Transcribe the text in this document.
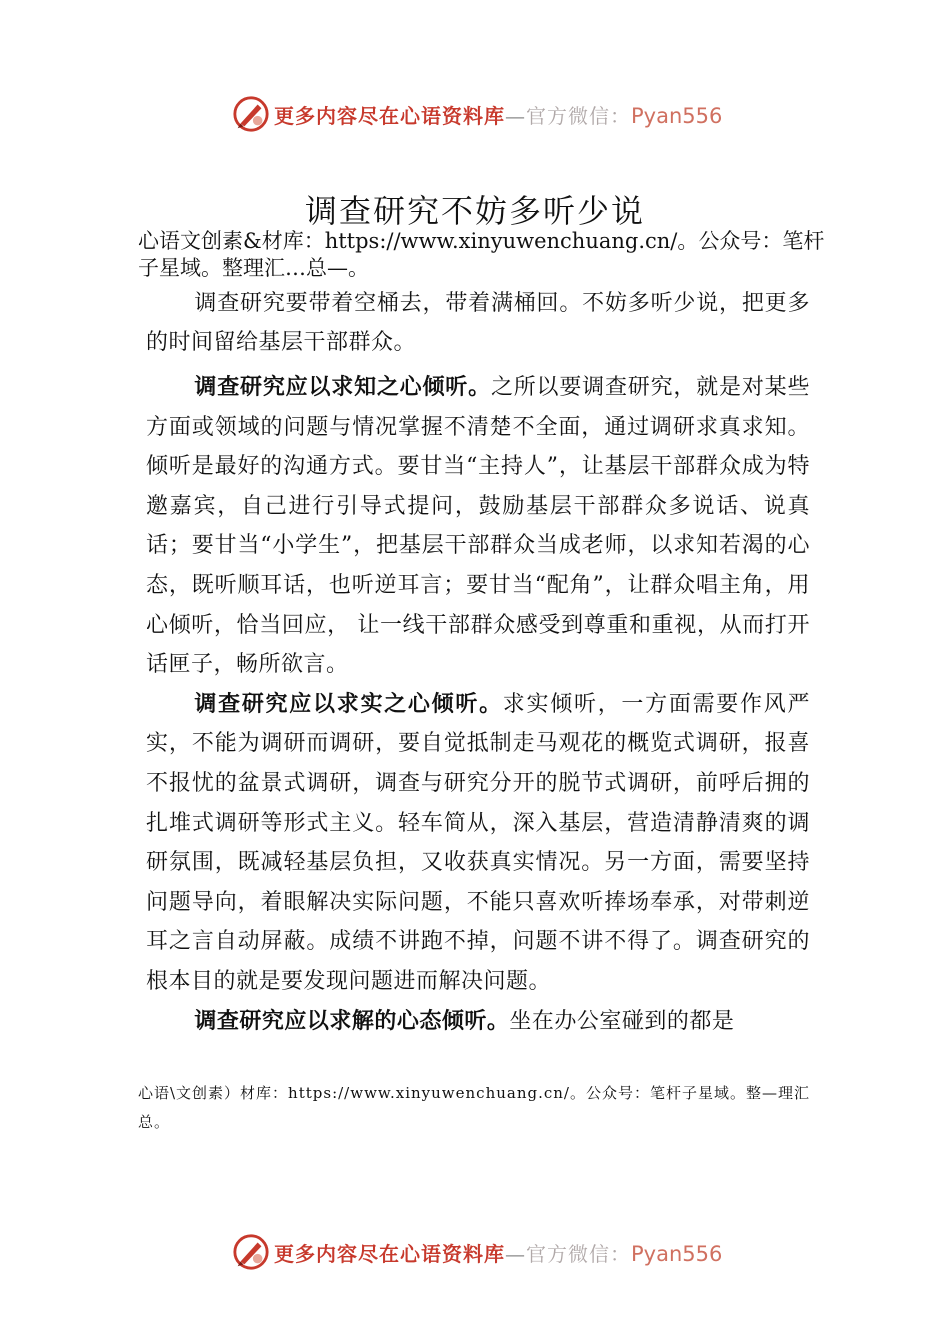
更多内容尽在心语资料库—官方微信：Pyan556
调查研究不妨多听少说

心语文创素&材库：https://www.xinyuwenchuang.cn/。公众号：笔杆子星域。整理汇…总—。

调查研究要带着空桶去，带着满桶回。不妨多听少说，把更多的时间留给基层干部群众。

调查研究应以求知之心倾听。之所以要调查研究，就是对某些方面或领域的问题与情况掌握不清楚不全面，通过调研求真求知。倾听是最好的沟通方式。要甘当“主持人”，让基层干部群众成为特邀嘉宾，自己进行引导式提问，鼓励基层干部群众多说话、说真话；要甘当“小学生”，把基层干部群众当成老师，以求知若渴的心态，既听顺耳话，也听逆耳言；要甘当“配角”，让群众唱主角，用心倾听，恰当回应， 让一线干部群众感受到尊重和重视，从而打开话匣子，畅所欲言。

调查研究应以求实之心倾听。求实倾听，一方面需要作风严实，不能为调研而调研，要自觉抵制走马观花的概览式调研，报喜不报忧的盆景式调研，调查与研究分开的脱节式调研，前呼后拥的扎堆式调研等形式主义。轻车简从，深入基层，营造清静清爽的调研氛围，既减轻基层负担，又收获真实情况。另一方面，需要坚持问题导向，着眼解决实际问题，不能只喜欢听捧场奉承，对带刺逆耳之言自动屏蔽。成绩不讲跑不掉，问题不讲不得了。调查研究的根本目的就是要发现问题进而解决问题。

调查研究应以求解的心态倾听。坐在办公室碰到的都是

心语\文创素）材库：https://www.xinyuwenchuang.cn/。公众号：笔杆子星域。整—理汇总。

更多内容尽在心语资料库—官方微信：Pyan556
